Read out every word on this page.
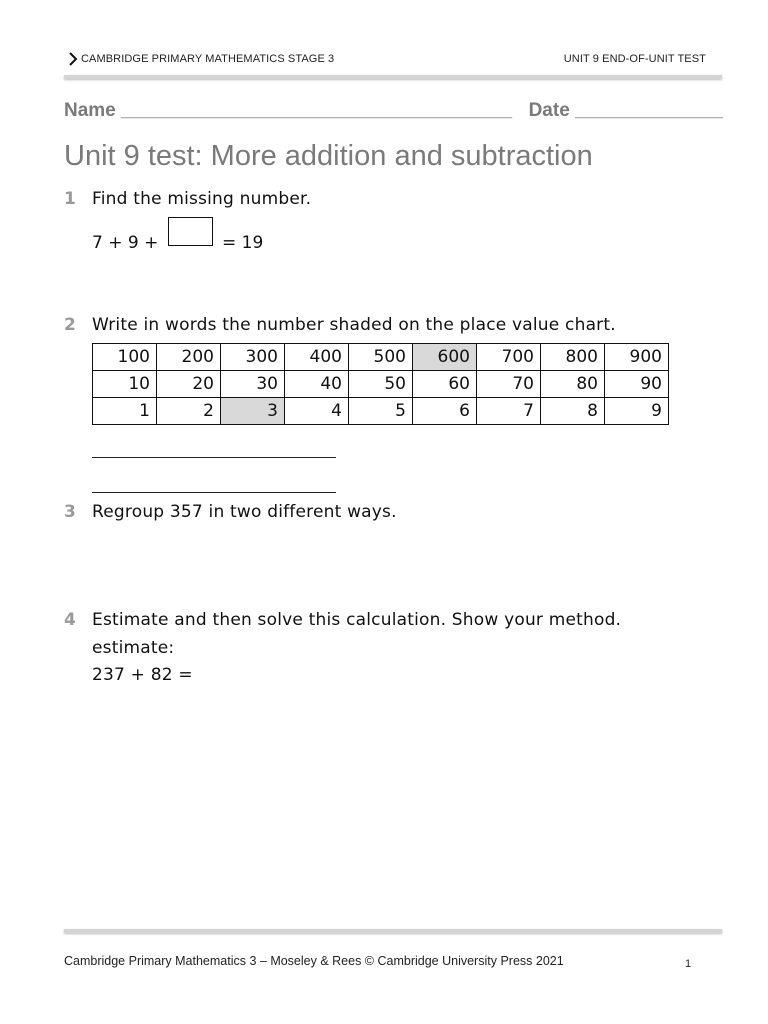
CAMBRIDGE PRIMARY MATHEMATICS STAGE 3	UNIT 9 END-OF-UNIT TEST
Name _____________________________________ Date ______________
Unit 9 test: More addition and subtraction
1 Find the missing number.
7 + 9 +	= 19
2 Write in words the number shaded on the place value chart.
100	200	300	400	500	600	700	800	900
10	20	30	40	50	60	70	80	90
1	2	3	4	5	6	7	8	9
3 Regroup 357 in two different ways.
4 Estimate and then solve this calculation. Show your method.
estimate:
237 + 82 =
Cambridge Primary Mathematics 3 – Moseley & Rees © Cambridge University Press 2021	1
